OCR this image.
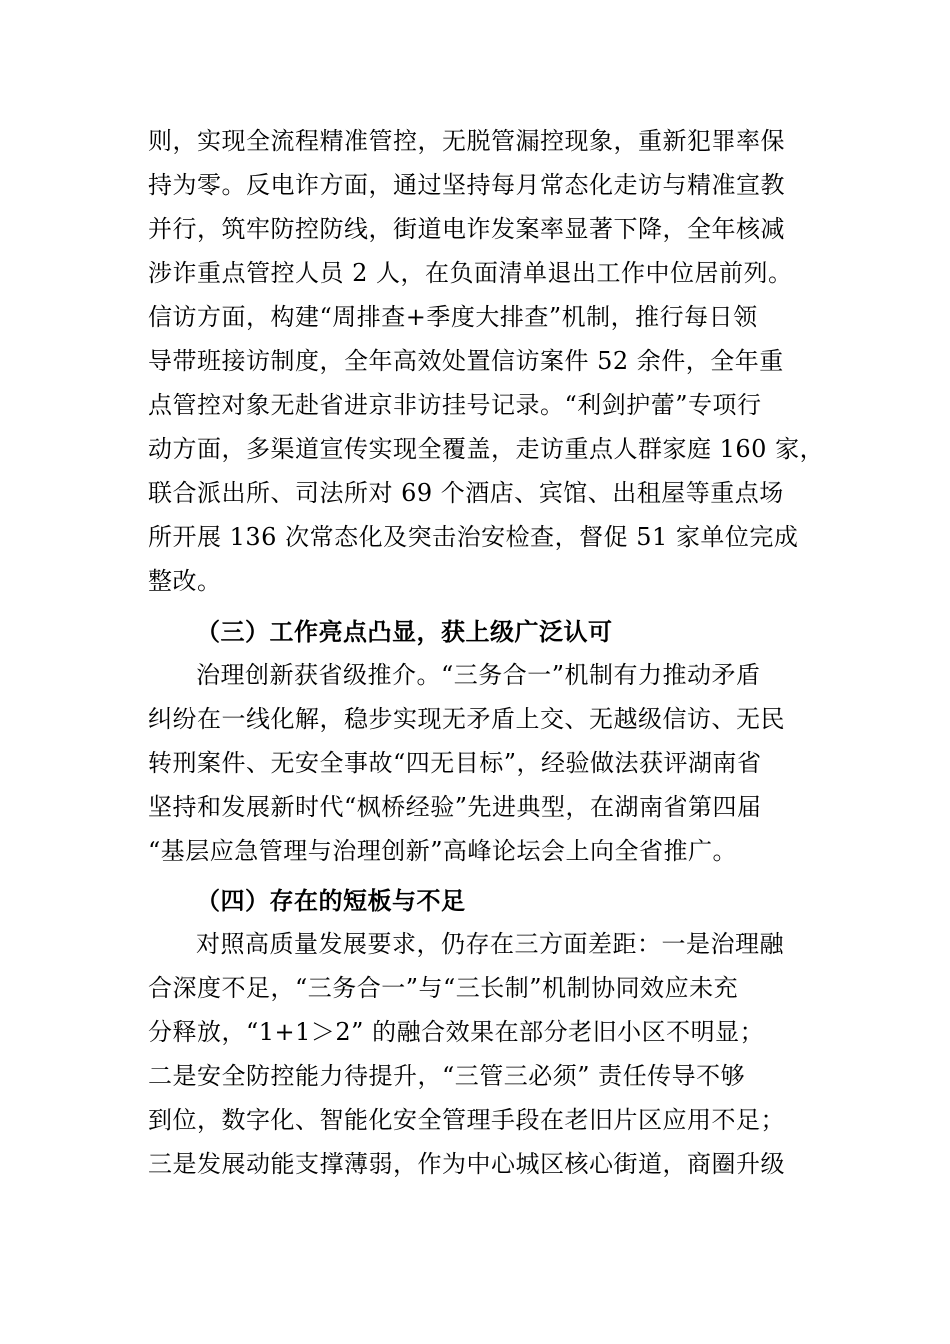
则，实现全流程精准管控，无脱管漏控现象，重新犯罪率保
持为零。反电诈方面，通过坚持每月常态化走访与精准宣教
并行，筑牢防控防线，街道电诈发案率显著下降，全年核减
涉诈重点管控人员 2 人，在负面清单退出工作中位居前列。
信访方面，构建“周排查+季度大排查”机制，推行每日领
导带班接访制度，全年高效处置信访案件 52 余件，全年重
点管控对象无赴省进京非访挂号记录。“利剑护蕾”专项行
动方面，多渠道宣传实现全覆盖，走访重点人群家庭 160 家，
联合派出所、司法所对 69 个酒店、宾馆、出租屋等重点场
所开展 136 次常态化及突击治安检查，督促 51 家单位完成
整改。
（三）工作亮点凸显，获上级广泛认可
治理创新获省级推介。“三务合一”机制有力推动矛盾
纠纷在一线化解，稳步实现无矛盾上交、无越级信访、无民
转刑案件、无安全事故“四无目标”，经验做法获评湖南省
坚持和发展新时代“枫桥经验”先进典型，在湖南省第四届
“基层应急管理与治理创新”高峰论坛会上向全省推广。
（四）存在的短板与不足
对照高质量发展要求，仍存在三方面差距：一是治理融
合深度不足，“三务合一”与“三长制”机制协同效应未充
分释放，“1+1＞2” 的融合效果在部分老旧小区不明显；
二是安全防控能力待提升，“三管三必须” 责任传导不够
到位，数字化、智能化安全管理手段在老旧片区应用不足；
三是发展动能支撑薄弱，作为中心城区核心街道，商圈升级
